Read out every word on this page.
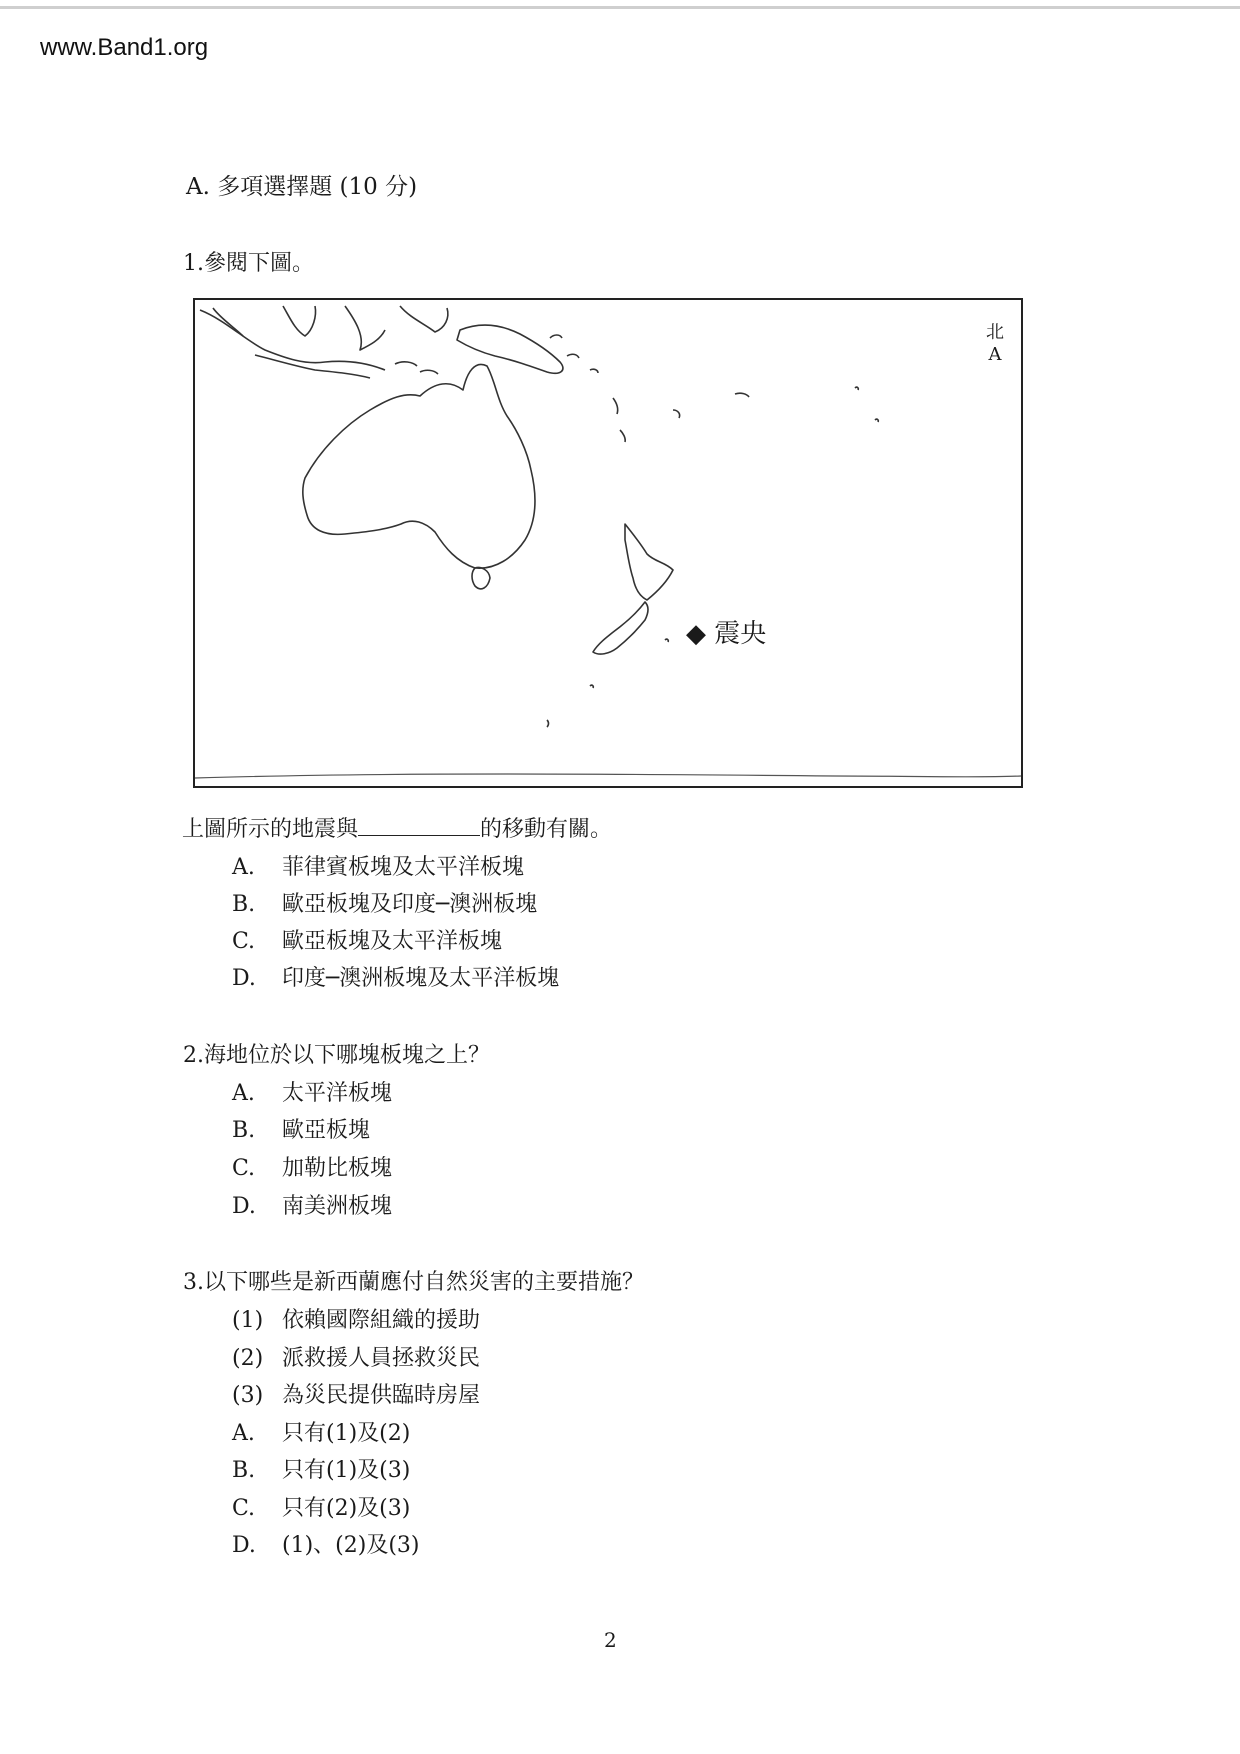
www.Band1.org
A. 多項選擇題 (10 分)
1.參閱下圖。
北
A
◆ 震央
上圖所示的地震與	的移動有關。
A. 菲律賓板塊及太平洋板塊
B. 歐亞板塊及印度─澳洲板塊
C. 歐亞板塊及太平洋板塊
D. 印度─澳洲板塊及太平洋板塊
2.海地位於以下哪塊板塊之上？
A. 太平洋板塊
B. 歐亞板塊
C. 加勒比板塊
D. 南美洲板塊
3.以下哪些是新西蘭應付自然災害的主要措施？
(1) 依賴國際組織的援助
(2) 派救援人員拯救災民
(3) 為災民提供臨時房屋
A. 只有(1)及(2)
B. 只有(1)及(3)
C. 只有(2)及(3)
D. (1)、(2)及(3)
2
